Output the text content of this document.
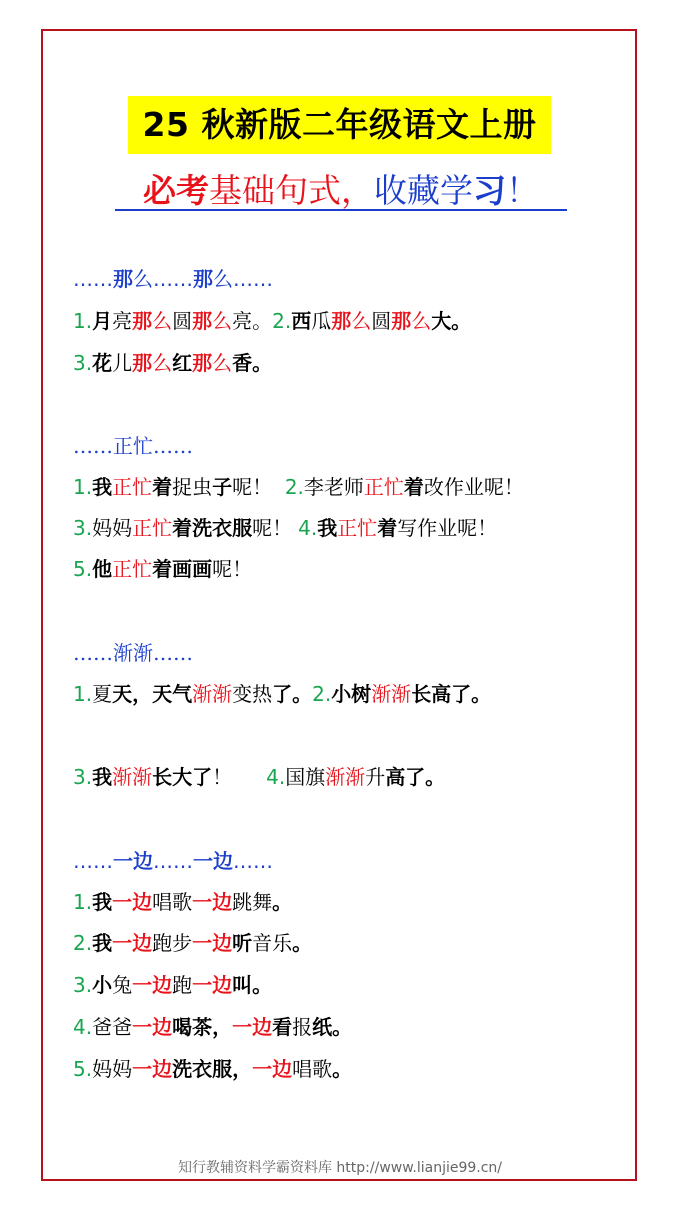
25 秋新版二年级语文上册
必考基础句式，收藏学习！
……那么……那么……
1.月亮那么圆那么亮。2.西瓜那么圆那么大。
3.花儿那么红那么香。
……正忙……
1.我正忙着捉虫子呢！  2.李老师正忙着改作业呢！
3.妈妈正忙着洗衣服呢！ 4.我正忙着写作业呢！
5.他正忙着画画呢！
……渐渐……
1.夏天，天气渐渐变热了。2.小树渐渐长高了。
3.我渐渐长大了！ 4.国旗渐渐升高了。
……一边……一边……
1.我一边唱歌一边跳舞。
2.我一边跑步一边听音乐。
3.小兔一边跑一边叫。
4.爸爸一边喝茶，一边看报纸。
5.妈妈一边洗衣服，一边唱歌。
知行教辅资料学霸资料库 http://www.lianjie99.cn/
